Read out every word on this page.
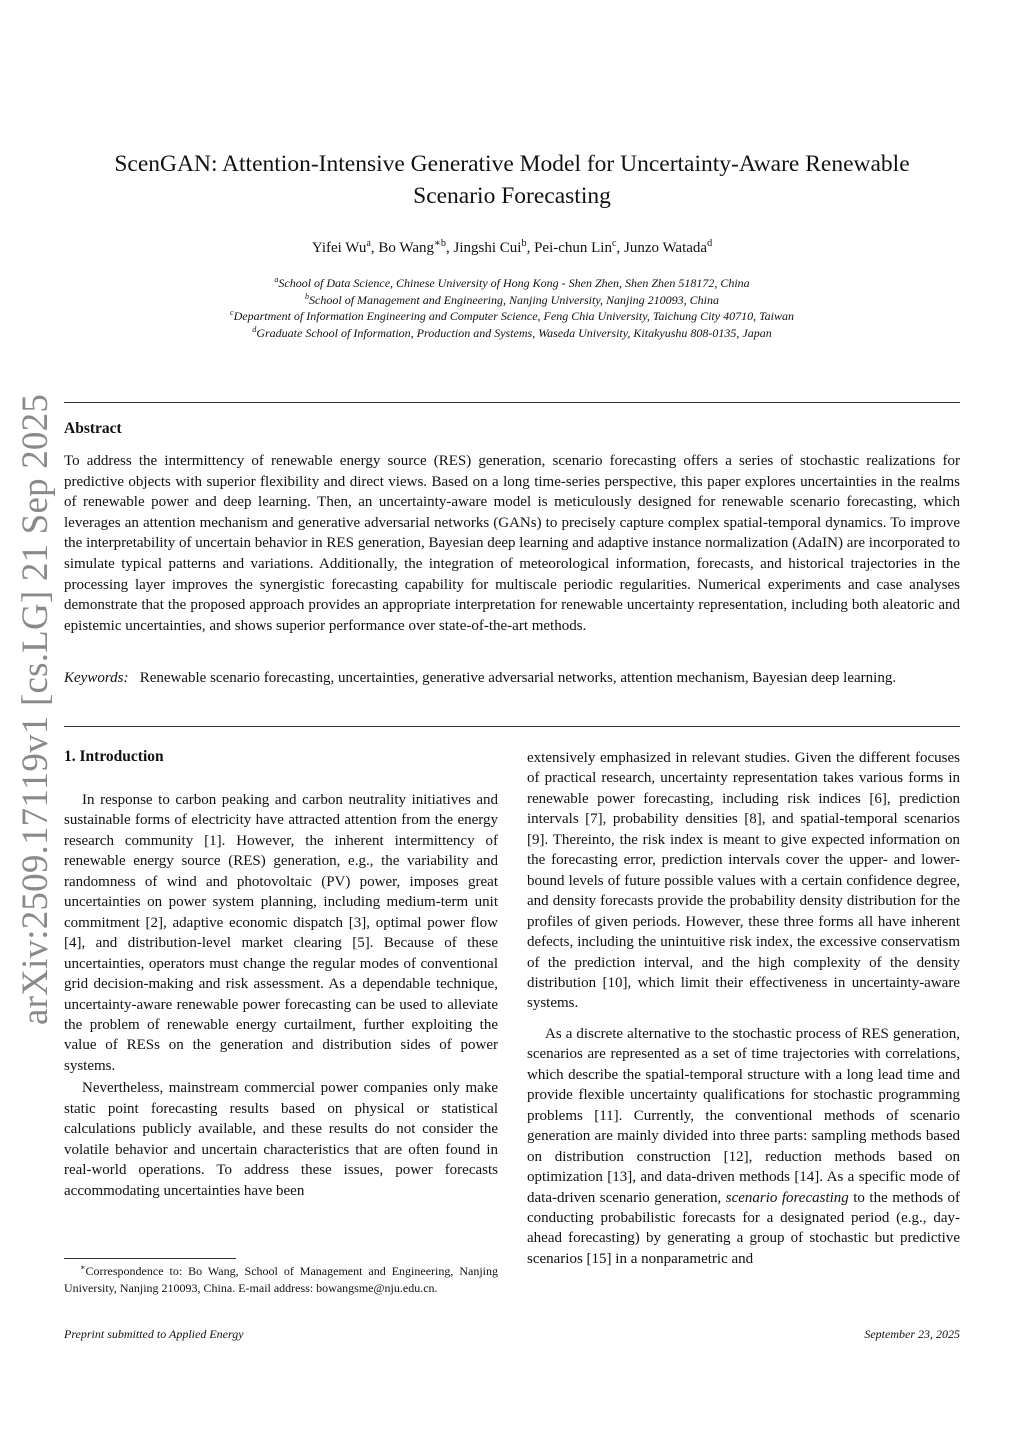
arXiv:2509.17119v1 [cs.LG] 21 Sep 2025
ScenGAN: Attention-Intensive Generative Model for Uncertainty-Aware Renewable
Scenario Forecasting
Yifei Wu$^a$, Bo Wang$^{∗b}$, Jingshi Cui$^b$, Pei-chun Lin$^c$, Junzo Watada$^d$
$^a$School of Data Science, Chinese University of Hong Kong - Shen Zhen, Shen Zhen 518172, China
$^b$School of Management and Engineering, Nanjing University, Nanjing 210093, China
$^c$Department of Information Engineering and Computer Science, Feng Chia University, Taichung City 40710, Taiwan
$^d$Graduate School of Information, Production and Systems, Waseda University, Kitakyushu 808-0135, Japan
Abstract

To address the intermittency of renewable energy source (RES) generation, scenario forecasting offers a series of stochastic realizations for predictive objects with superior flexibility and direct views. Based on a long time-series perspective, this paper explores uncertainties in the realms of renewable power and deep learning. Then, an uncertainty-aware model is meticulously designed for renewable scenario forecasting, which leverages an attention mechanism and generative adversarial networks (GANs) to precisely capture complex spatial-temporal dynamics. To improve the interpretability of uncertain behavior in RES generation, Bayesian deep learning and adaptive instance normalization (AdaIN) are incorporated to simulate typical patterns and variations. Additionally, the integration of meteorological information, forecasts, and historical trajectories in the processing layer improves the synergistic forecasting capability for multiscale periodic regularities. Numerical experiments and case analyses demonstrate that the proposed approach provides an appropriate interpretation for renewable uncertainty representation, including both aleatoric and epistemic uncertainties, and shows superior performance over state-of-the-art methods.

Keywords: Renewable scenario forecasting, uncertainties, generative adversarial networks, attention mechanism, Bayesian deep learning.

1. Introduction

In response to carbon peaking and carbon neutrality initiatives and sustainable forms of electricity have attracted attention from the energy research community [1]. However, the inherent intermittency of renewable energy source (RES) generation, e.g., the variability and randomness of wind and photovoltaic (PV) power, imposes great uncertainties on power system planning, including medium-term unit commitment [2], adaptive economic dispatch [3], optimal power flow [4], and distribution-level market clearing [5]. Because of these uncertainties, operators must change the regular modes of conventional grid decision-making and risk assessment. As a dependable technique, uncertainty-aware renewable power forecasting can be used to alleviate the problem of renewable energy curtailment, further exploiting the value of RESs on the generation and distribution sides of power systems.

Nevertheless, mainstream commercial power companies only make static point forecasting results based on physical or statistical calculations publicly available, and these results do not consider the volatile behavior and uncertain characteristics that are often found in real-world operations. To address these issues, power forecasts accommodating uncertainties have been

extensively emphasized in relevant studies. Given the different focuses of practical research, uncertainty representation takes various forms in renewable power forecasting, including risk indices [6], prediction intervals [7], probability densities [8], and spatial-temporal scenarios [9]. Thereinto, the risk index is meant to give expected information on the forecasting error, prediction intervals cover the upper- and lower-bound levels of future possible values with a certain confidence degree, and density forecasts provide the probability density distribution for the profiles of given periods. However, these three forms all have inherent defects, including the unintuitive risk index, the excessive conservatism of the prediction interval, and the high complexity of the density distribution [10], which limit their effectiveness in uncertainty-aware systems.

As a discrete alternative to the stochastic process of RES generation, scenarios are represented as a set of time trajectories with correlations, which describe the spatial-temporal structure with a long lead time and provide flexible uncertainty qualifications for stochastic programming problems [11]. Currently, the conventional methods of scenario generation are mainly divided into three parts: sampling methods based on distribution construction [12], reduction methods based on optimization [13], and data-driven methods [14]. As a specific mode of data-driven scenario generation, scenario forecasting to the methods of conducting probabilistic forecasts for a designated period (e.g., day-ahead forecasting) by generating a group of stochastic but predictive scenarios [15] in a nonparametric and

∗Correspondence to: Bo Wang, School of Management and Engineering, Nanjing University, Nanjing 210093, China. E-mail address: bowangsme@nju.edu.cn.

Preprint submitted to Applied Energy	September 23, 2025
